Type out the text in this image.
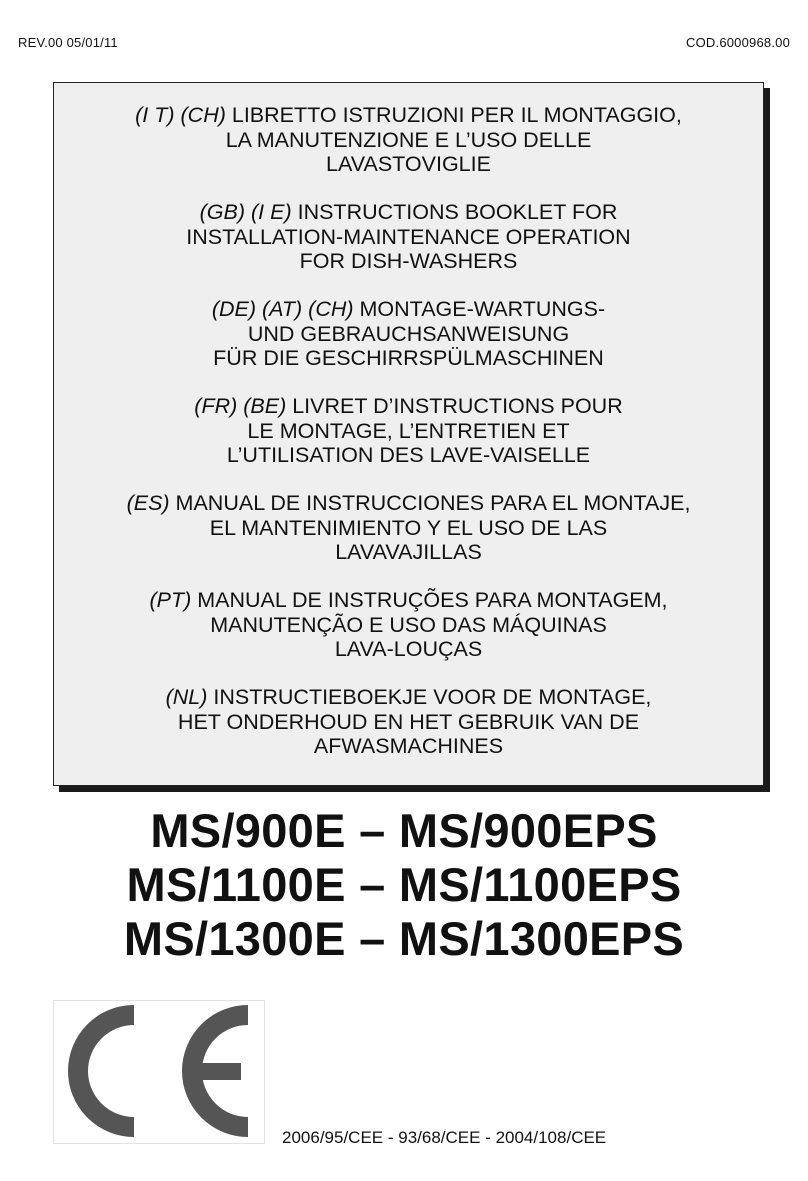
REV.00 05/01/11	COD.6000968.00
(I T) (CH) LIBRETTO ISTRUZIONI PER IL MONTAGGIO,
LA MANUTENZIONE E L’USO DELLE
LAVASTOVIGLIE
(GB) (I E) INSTRUCTIONS BOOKLET FOR
INSTALLATION-MAINTENANCE OPERATION
FOR DISH-WASHERS
(DE) (AT) (CH) MONTAGE-WARTUNGS-
UND GEBRAUCHSANWEISUNG
FÜR DIE GESCHIRRSPÜLMASCHINEN
(FR) (BE) LIVRET D’INSTRUCTIONS POUR
LE MONTAGE, L’ENTRETIEN ET
L’UTILISATION DES LAVE-VAISELLE
(ES) MANUAL DE INSTRUCCIONES PARA EL MONTAJE,
EL MANTENIMIENTO Y EL USO DE LAS
LAVAVAJILLAS
(PT) MANUAL DE INSTRUÇÕES PARA MONTAGEM,
MANUTENÇÃO E USO DAS MÁQUINAS
LAVA-LOUÇAS
(NL) INSTRUCTIEBOEKJE VOOR DE MONTAGE,
HET ONDERHOUD EN HET GEBRUIK VAN DE
AFWASMACHINES
MS/900E – MS/900EPS
MS/1100E – MS/1100EPS
MS/1300E – MS/1300EPS
2006/95/CEE - 93/68/CEE - 2004/108/CEE
